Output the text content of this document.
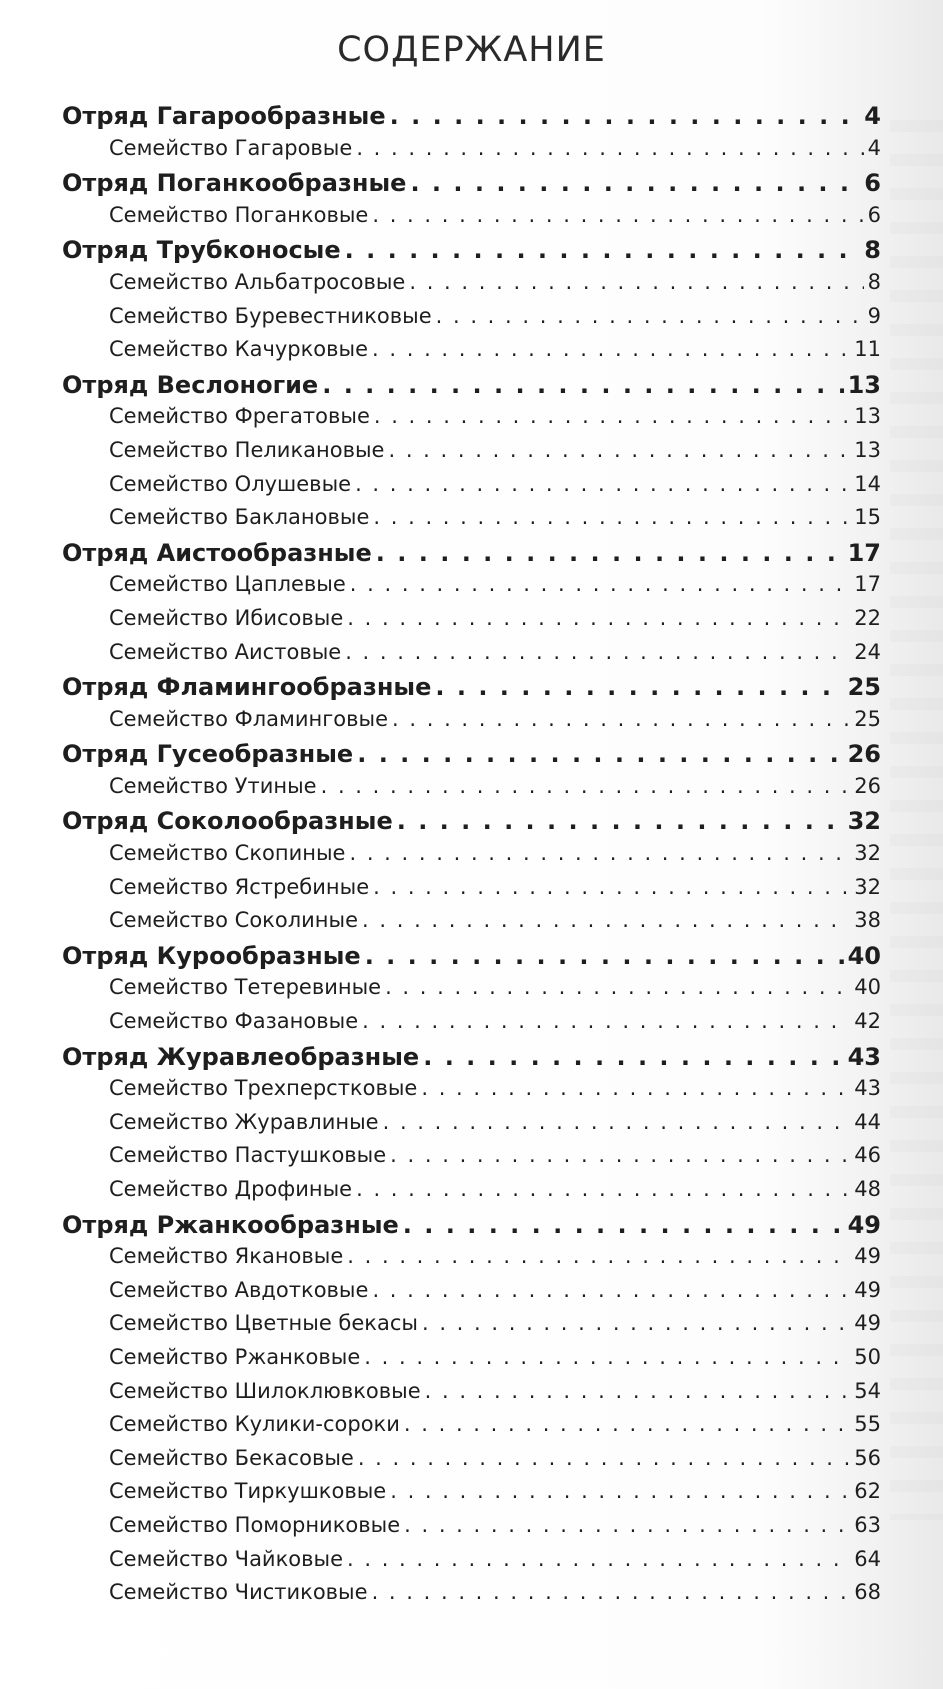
СОДЕРЖАНИЕ
Отряд Гагарообразные . . .	4
Семейство Гагаровые . . .	4
Отряд Поганкообразные . . .	6
Семейство Поганковые . . .	6
Отряд Трубконосые . . .	8
Семейство Альбатросовые . . .	8
Семейство Буревестниковые . . .	9
Семейство Качурковые . . .	11
Отряд Веслоногие . . .	13
Семейство Фрегатовые . . .	13
Семейство Пеликановые . . .	13
Семейство Олушевые . . .	14
Семейство Баклановые . . .	15
Отряд Аистообразные . . .	17
Семейство Цаплевые . . .	17
Семейство Ибисовые . . .	22
Семейство Аистовые . . .	24
Отряд Фламингообразные . . .	25
Семейство Фламинговые . . .	25
Отряд Гусеобразные . . .	26
Семейство Утиные . . .	26
Отряд Соколообразные . . .	32
Семейство Скопиные . . .	32
Семейство Ястребиные . . .	32
Семейство Соколиные . . .	38
Отряд Курообразные . . .	40
Семейство Тетеревиные . . .	40
Семейство Фазановые . . .	42
Отряд Журавлеобразные . . .	43
Семейство Трехперстковые . . .	43
Семейство Журавлиные . . .	44
Семейство Пастушковые . . .	46
Семейство Дрофиные . . .	48
Отряд Ржанкообразные . . .	49
Семейство Якановые . . .	49
Семейство Авдотковые . . .	49
Семейство Цветные бекасы . . .	49
Семейство Ржанковые . . .	50
Семейство Шилоклювковые . . .	54
Семейство Кулики-сороки . . .	55
Семейство Бекасовые . . .	56
Семейство Тиркушковые . . .	62
Семейство Поморниковые . . .	63
Семейство Чайковые . . .	64
Семейство Чистиковые . . .	68
